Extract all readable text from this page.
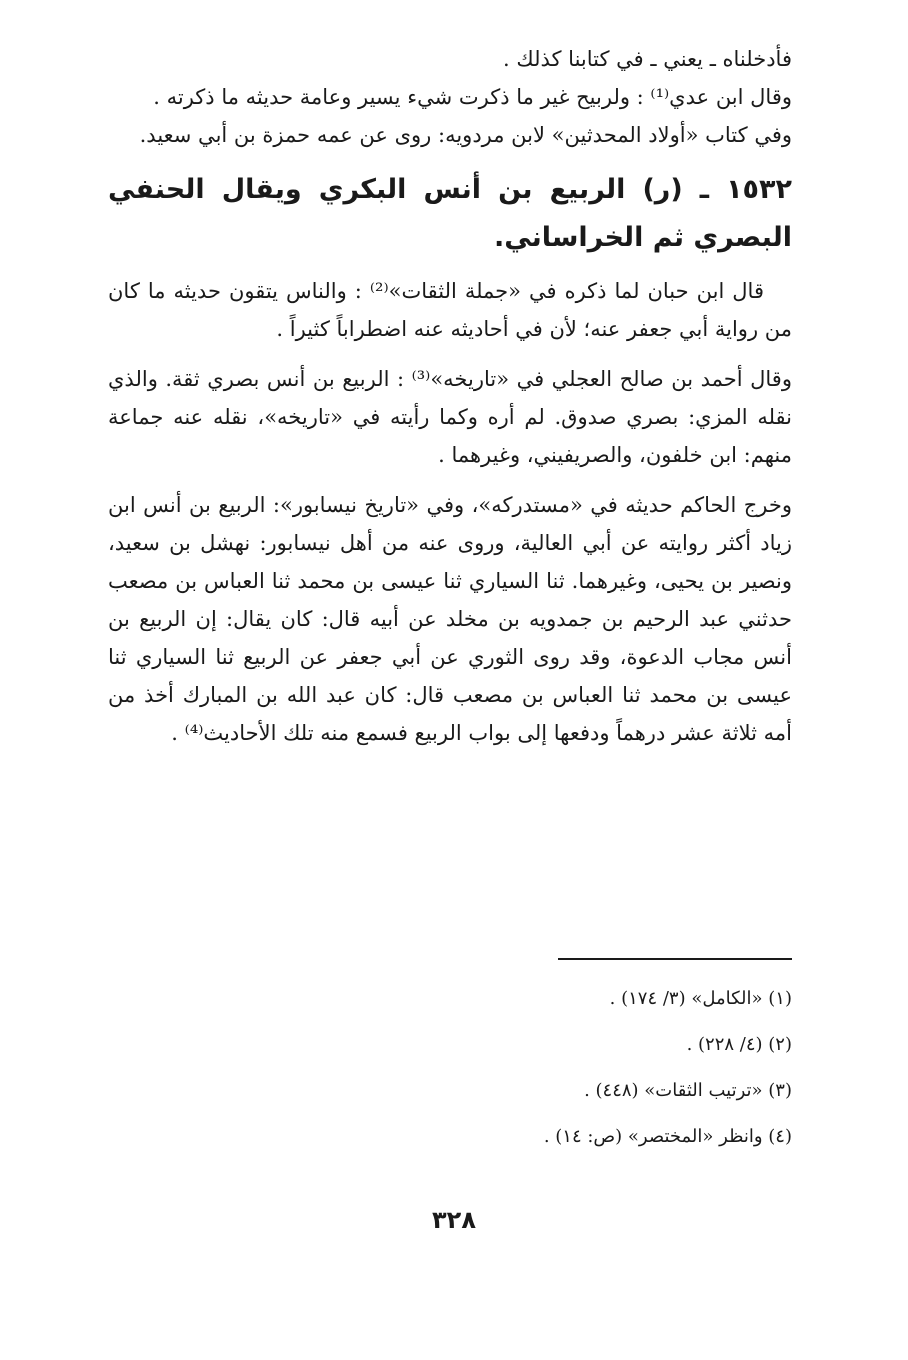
فأدخلناه ـ يعني ـ في كتابنا كذلك .

وقال ابن عدي⁽¹⁾ : ولربيح غير ما ذكرت شيء يسير وعامة حديثه ما ذكرته .

وفي كتاب «أولاد المحدثين» لابن مردويه: روى عن عمه حمزة بن أبي سعيد.

١٥٣٢ ـ (ر) الربيع بن أنس البكري ويقال الحنفي البصري ثم الخراساني.

قال ابن حبان لما ذكره في «جملة الثقات»⁽²⁾ : والناس يتقون حديثه ما كان من رواية أبي جعفر عنه؛ لأن في أحاديثه عنه اضطراباً كثيراً .

وقال أحمد بن صالح العجلي في «تاريخه»⁽³⁾ : الربيع بن أنس بصري ثقة. والذي نقله المزي: بصري صدوق. لم أره وكما رأيته في «تاريخه»، نقله عنه جماعة منهم: ابن خلفون، والصريفيني، وغيرهما .

وخرج الحاكم حديثه في «مستدركه»، وفي «تاريخ نيسابور»: الربيع بن أنس ابن زياد أكثر روايته عن أبي العالية، وروى عنه من أهل نيسابور: نهشل بن سعيد، ونصير بن يحيى، وغيرهما. ثنا السياري ثنا عيسى بن محمد ثنا العباس بن مصعب حدثني عبد الرحيم بن جمدويه بن مخلد عن أبيه قال: كان يقال: إن الربيع بن أنس مجاب الدعوة، وقد روى الثوري عن أبي جعفر عن الربيع ثنا السياري ثنا عيسى بن محمد ثنا العباس بن مصعب قال: كان عبد الله بن المبارك أخذ من أمه ثلاثة عشر درهماً ودفعها إلى بواب الربيع فسمع منه تلك الأحاديث⁽⁴⁾ .

(١) «الكامل» (٣/ ١٧٤) .

(٢) (٤/ ٢٢٨) .

(٣) «ترتيب الثقات» (٤٤٨) .

(٤) وانظر «المختصر» (ص: ١٤) .

٣٢٨
